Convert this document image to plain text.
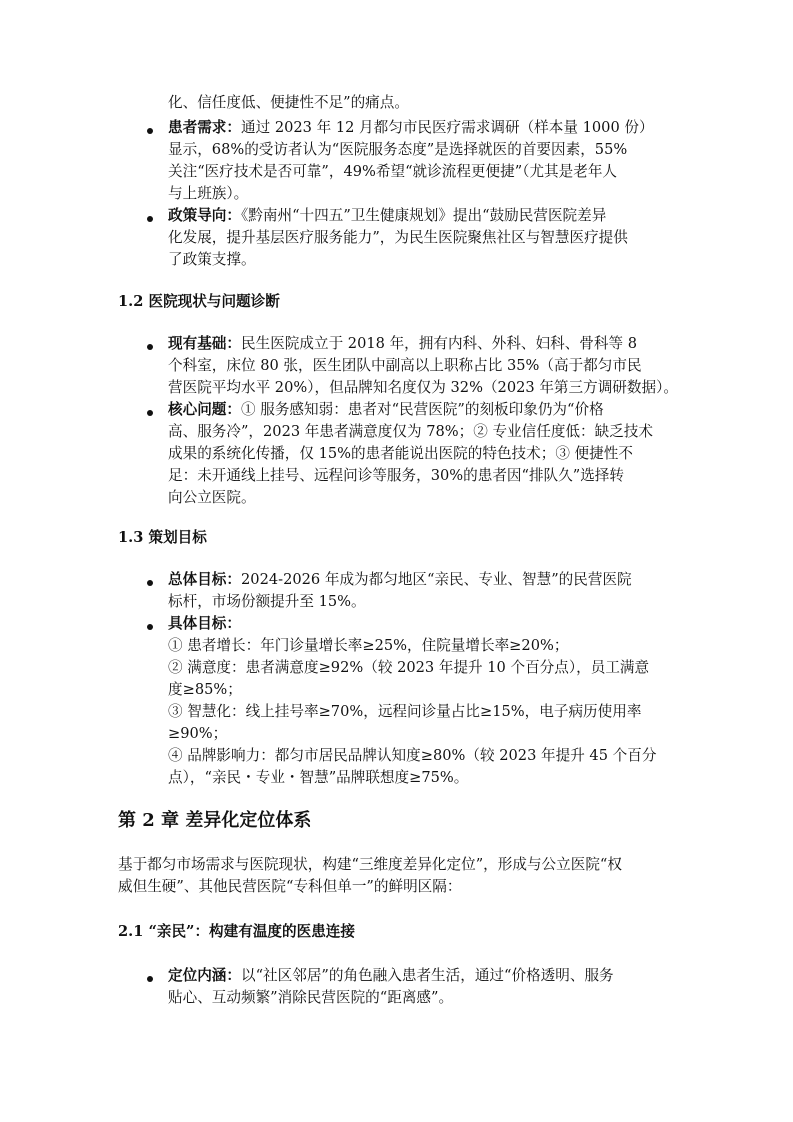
化、信任度低、便捷性不足”的痛点。
患者需求：通过 2023 年 12 月都匀市民医疗需求调研（样本量 1000 份）
显示，68%的受访者认为“医院服务态度”是选择就医的首要因素，55%
关注“医疗技术是否可靠”，49%希望“就诊流程更便捷”（尤其是老年人
与上班族）。
政策导向：《黔南州“十四五”卫生健康规划》提出“鼓励民营医院差异
化发展，提升基层医疗服务能力”，为民生医院聚焦社区与智慧医疗提供
了政策支撑。
1.2 医院现状与问题诊断
现有基础：民生医院成立于 2018 年，拥有内科、外科、妇科、骨科等 8
个科室，床位 80 张，医生团队中副高以上职称占比 35%（高于都匀市民
营医院平均水平 20%），但品牌知名度仅为 32%（2023 年第三方调研数据）。
核心问题：① 服务感知弱：患者对“民营医院”的刻板印象仍为“价格
高、服务冷”，2023 年患者满意度仅为 78%；② 专业信任度低：缺乏技术
成果的系统化传播，仅 15%的患者能说出医院的特色技术；③ 便捷性不
足：未开通线上挂号、远程问诊等服务，30%的患者因“排队久”选择转
向公立医院。
1.3 策划目标
总体目标：2024-2026 年成为都匀地区“亲民、专业、智慧”的民营医院
标杆，市场份额提升至 15%。
具体目标：
① 患者增长：年门诊量增长率≥25%，住院量增长率≥20%；
② 满意度：患者满意度≥92%（较 2023 年提升 10 个百分点），员工满意
度≥85%；
③ 智慧化：线上挂号率≥70%，远程问诊量占比≥15%，电子病历使用率
≥90%；
④ 品牌影响力：都匀市居民品牌认知度≥80%（较 2023 年提升 45 个百分
点），“亲民・专业・智慧”品牌联想度≥75%。
第 2 章 差异化定位体系
基于都匀市场需求与医院现状，构建“三维度差异化定位”，形成与公立医院“权
威但生硬”、其他民营医院“专科但单一”的鲜明区隔：
2.1 “亲民”：构建有温度的医患连接
定位内涵：以“社区邻居”的角色融入患者生活，通过“价格透明、服务
贴心、互动频繁”消除民营医院的“距离感”。
